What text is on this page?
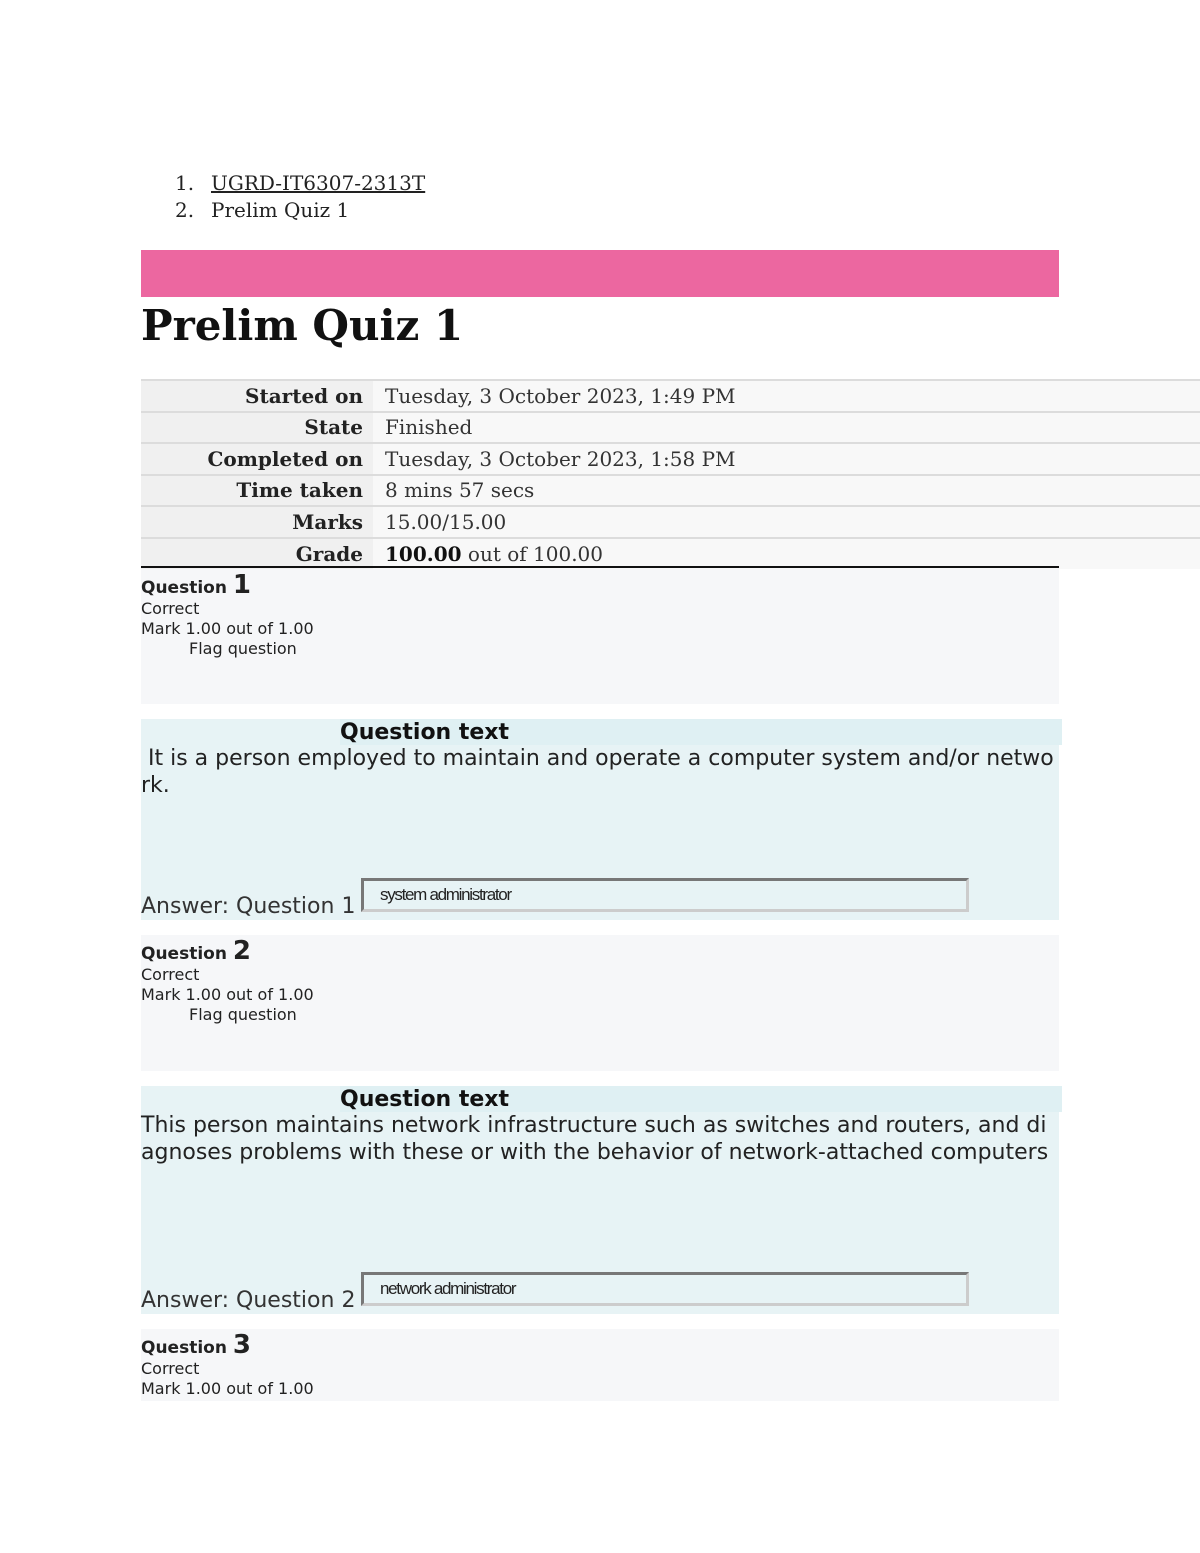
1. UGRD-IT6307-2313T
2. Prelim Quiz 1
Prelim Quiz 1
Started on	Tuesday, 3 October 2023, 1:49 PM
State	Finished
Completed on	Tuesday, 3 October 2023, 1:58 PM
Time taken	8 mins 57 secs
Marks	15.00/15.00
Grade	100.00 out of 100.00
Question 1
Correct
Mark 1.00 out of 1.00
Flag question
Question text
It is a person employed to maintain and operate a computer system and/or network.
Answer: Question 1	system administrator
Question 2
Correct
Mark 1.00 out of 1.00
Flag question
Question text
This person maintains network infrastructure such as switches and routers, and diagnoses problems with these or with the behavior of network-attached computers
Answer: Question 2	network administrator
Question 3
Correct
Mark 1.00 out of 1.00
